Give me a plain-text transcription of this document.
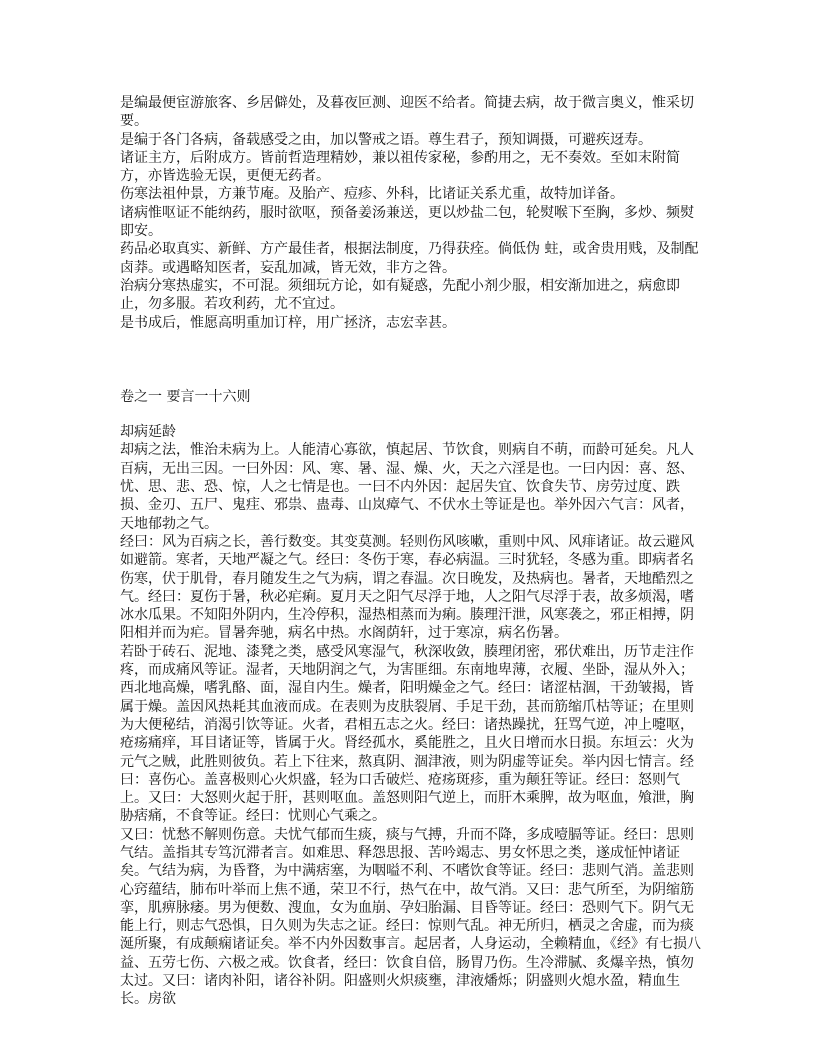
是编最便宦游旅客、乡居僻处，及暮夜叵测、迎医不给者。简捷去病，故于微言奥义，惟采切要。

是编于各门各病，备载感受之由，加以警戒之语。尊生君子，预知调摄，可避疾迓寿。

诸证主方，后附成方。皆前哲造理精妙，兼以祖传家秘，参酌用之，无不奏效。至如末附简方，亦皆选验无误，更便无药者。

伤寒法祖仲景，方兼节庵。及胎产、痘疹、外科，比诸证关系尤重，故特加详备。

诸病惟呕证不能纳药，服时欲呕，预备姜汤兼送，更以炒盐二包，轮熨喉下至胸，多炒、频熨即安。

药品必取真实、新鲜、方产最佳者，根据法制度，乃得获痊。倘低伪 蛀，或舍贵用贱，及制配卤莽。或遇略知医者，妄乱加减，皆无效，非方之咎。

治病分寒热虚实，不可混。须细玩方论，如有疑惑，先配小剂少服，相安渐加进之，病愈即止，勿多服。若攻利药，尤不宜过。

是书成后，惟愿高明重加订梓，用广拯济，志宏幸甚。

卷之一 要言一十六则

却病延龄

却病之法，惟治未病为上。人能清心寡欲，慎起居、节饮食，则病自不萌，而龄可延矣。凡人百病，无出三因。一曰外因：风、寒、暑、湿、燥、火，天之六淫是也。一曰内因：喜、怒、忧、思、悲、恐、惊，人之七情是也。一曰不内外因：起居失宜、饮食失节、房劳过度、跌损、金刃、五尸、鬼疰、邪祟、蛊毒、山岚瘴气、不伏水土等证是也。举外因六气言：风者，天地郁勃之气。

经曰：风为百病之长，善行数变。其变莫测。轻则伤风咳嗽，重则中风、风痱诸证。故云避风如避箭。寒者，天地严凝之气。经曰：冬伤于寒，春必病温。三时犹轻，冬感为重。即病者名伤寒，伏于肌骨，春月随发生之气为病，谓之春温。次日晚发，及热病也。暑者，天地酷烈之气。经曰：夏伤于暑，秋必疟痢。夏月天之阳气尽浮于地，人之阳气尽浮于表，故多烦渴，嗜冰水瓜果。不知阳外阴内，生冷停积，湿热相蒸而为痢。腠理汗泄，风寒袭之，邪正相搏，阴阳相并而为疟。冒暑奔驰，病名中热。水阁荫轩，过于寒凉，病名伤暑。

若卧于砖石、泥地、漆凳之类，感受风寒湿气，秋深收敛，腠理闭密，邪伏难出，历节走注作疼，而成痛风等证。湿者，天地阴润之气，为害匪细。东南地卑薄，衣履、坐卧，湿从外入；西北地高燥，嗜乳酪、面，湿自内生。燥者，阳明燥金之气。经曰：诸涩枯涸，干劲皱揭，皆属于燥。盖因风热耗其血液而成。在表则为皮肤裂屑、手足干劲，甚而筋缩爪枯等证；在里则为大便秘结，消渴引饮等证。火者，君相五志之火。经曰：诸热躁扰，狂骂气逆，冲上嚏呕，疮疡痛痒，耳目诸证等，皆属于火。肾经孤水，奚能胜之，且火日增而水日损。东垣云：火为元气之贼，此胜则彼负。若上下往来，熬真阴、涸津液，则为阴虚等证矣。举内因七情言。经曰：喜伤心。盖喜极则心火炽盛，轻为口舌破烂、疮疡斑疹，重为颠狂等证。经曰：怒则气上。又曰：大怒则火起于肝，甚则呕血。盖怒则阳气逆上，而肝木乘脾，故为呕血，飧泄，胸胁痞痛，不食等证。经曰：忧则心气乘之。

又曰：忧愁不解则伤意。夫忧气郁而生痰，痰与气搏，升而不降，多成噎膈等证。经曰：思则气结。盖指其专笃沉滞者言。如难思、释怨思报、苦吟竭志、男女怀思之类，遂成怔忡诸证矣。气结为病，为昏瞀，为中满痞塞，为咽嗌不利、不嗜饮食等证。经曰：悲则气消。盖悲则心窍蕴结，肺布叶举而上焦不通，荣卫不行，热气在中，故气消。又曰：悲气所至，为阴缩筋挛，肌痹脉痿。男为便数、溲血，女为血崩、孕妇胎漏、目昏等证。经曰：恐则气下。阴气无能上行，则志气恐惧，日久则为失志之证。经曰：惊则气乱。神无所归，栖灵之舍虚，而为痰涎所聚，有成颠痫诸证矣。举不内外因数事言。起居者，人身运动，全赖精血，《经》有七损八益、五劳七伤、六极之戒。饮食者，经曰：饮食自倍，肠胃乃伤。生冷滞腻、炙爆辛热，慎勿太过。又曰：诸肉补阳，诸谷补阴。阳盛则火炽痰壅，津液燔烁；阴盛则火熄水盈，精血生长。房欲
